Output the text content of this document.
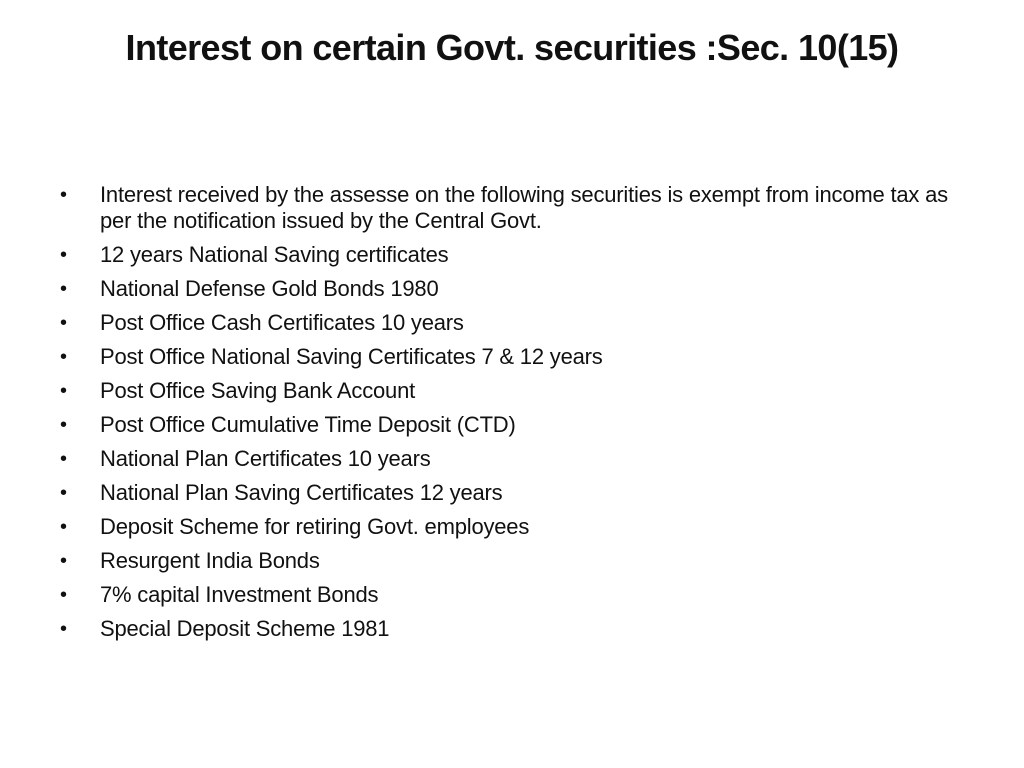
Interest on certain Govt. securities :Sec. 10(15)
•	Interest received by the assesse on the following securities is exempt from income tax as per the notification issued by the Central Govt.
•	12 years National Saving certificates
•	National Defense Gold Bonds 1980
•	Post Office Cash Certificates 10 years
•	Post Office National Saving Certificates 7 & 12 years
•	Post Office Saving Bank Account
•	Post Office Cumulative Time Deposit (CTD)
•	National Plan Certificates 10 years
•	National Plan Saving Certificates 12 years
•	Deposit Scheme for retiring Govt. employees
•	Resurgent India Bonds
•	7% capital Investment Bonds
•	Special Deposit Scheme 1981
